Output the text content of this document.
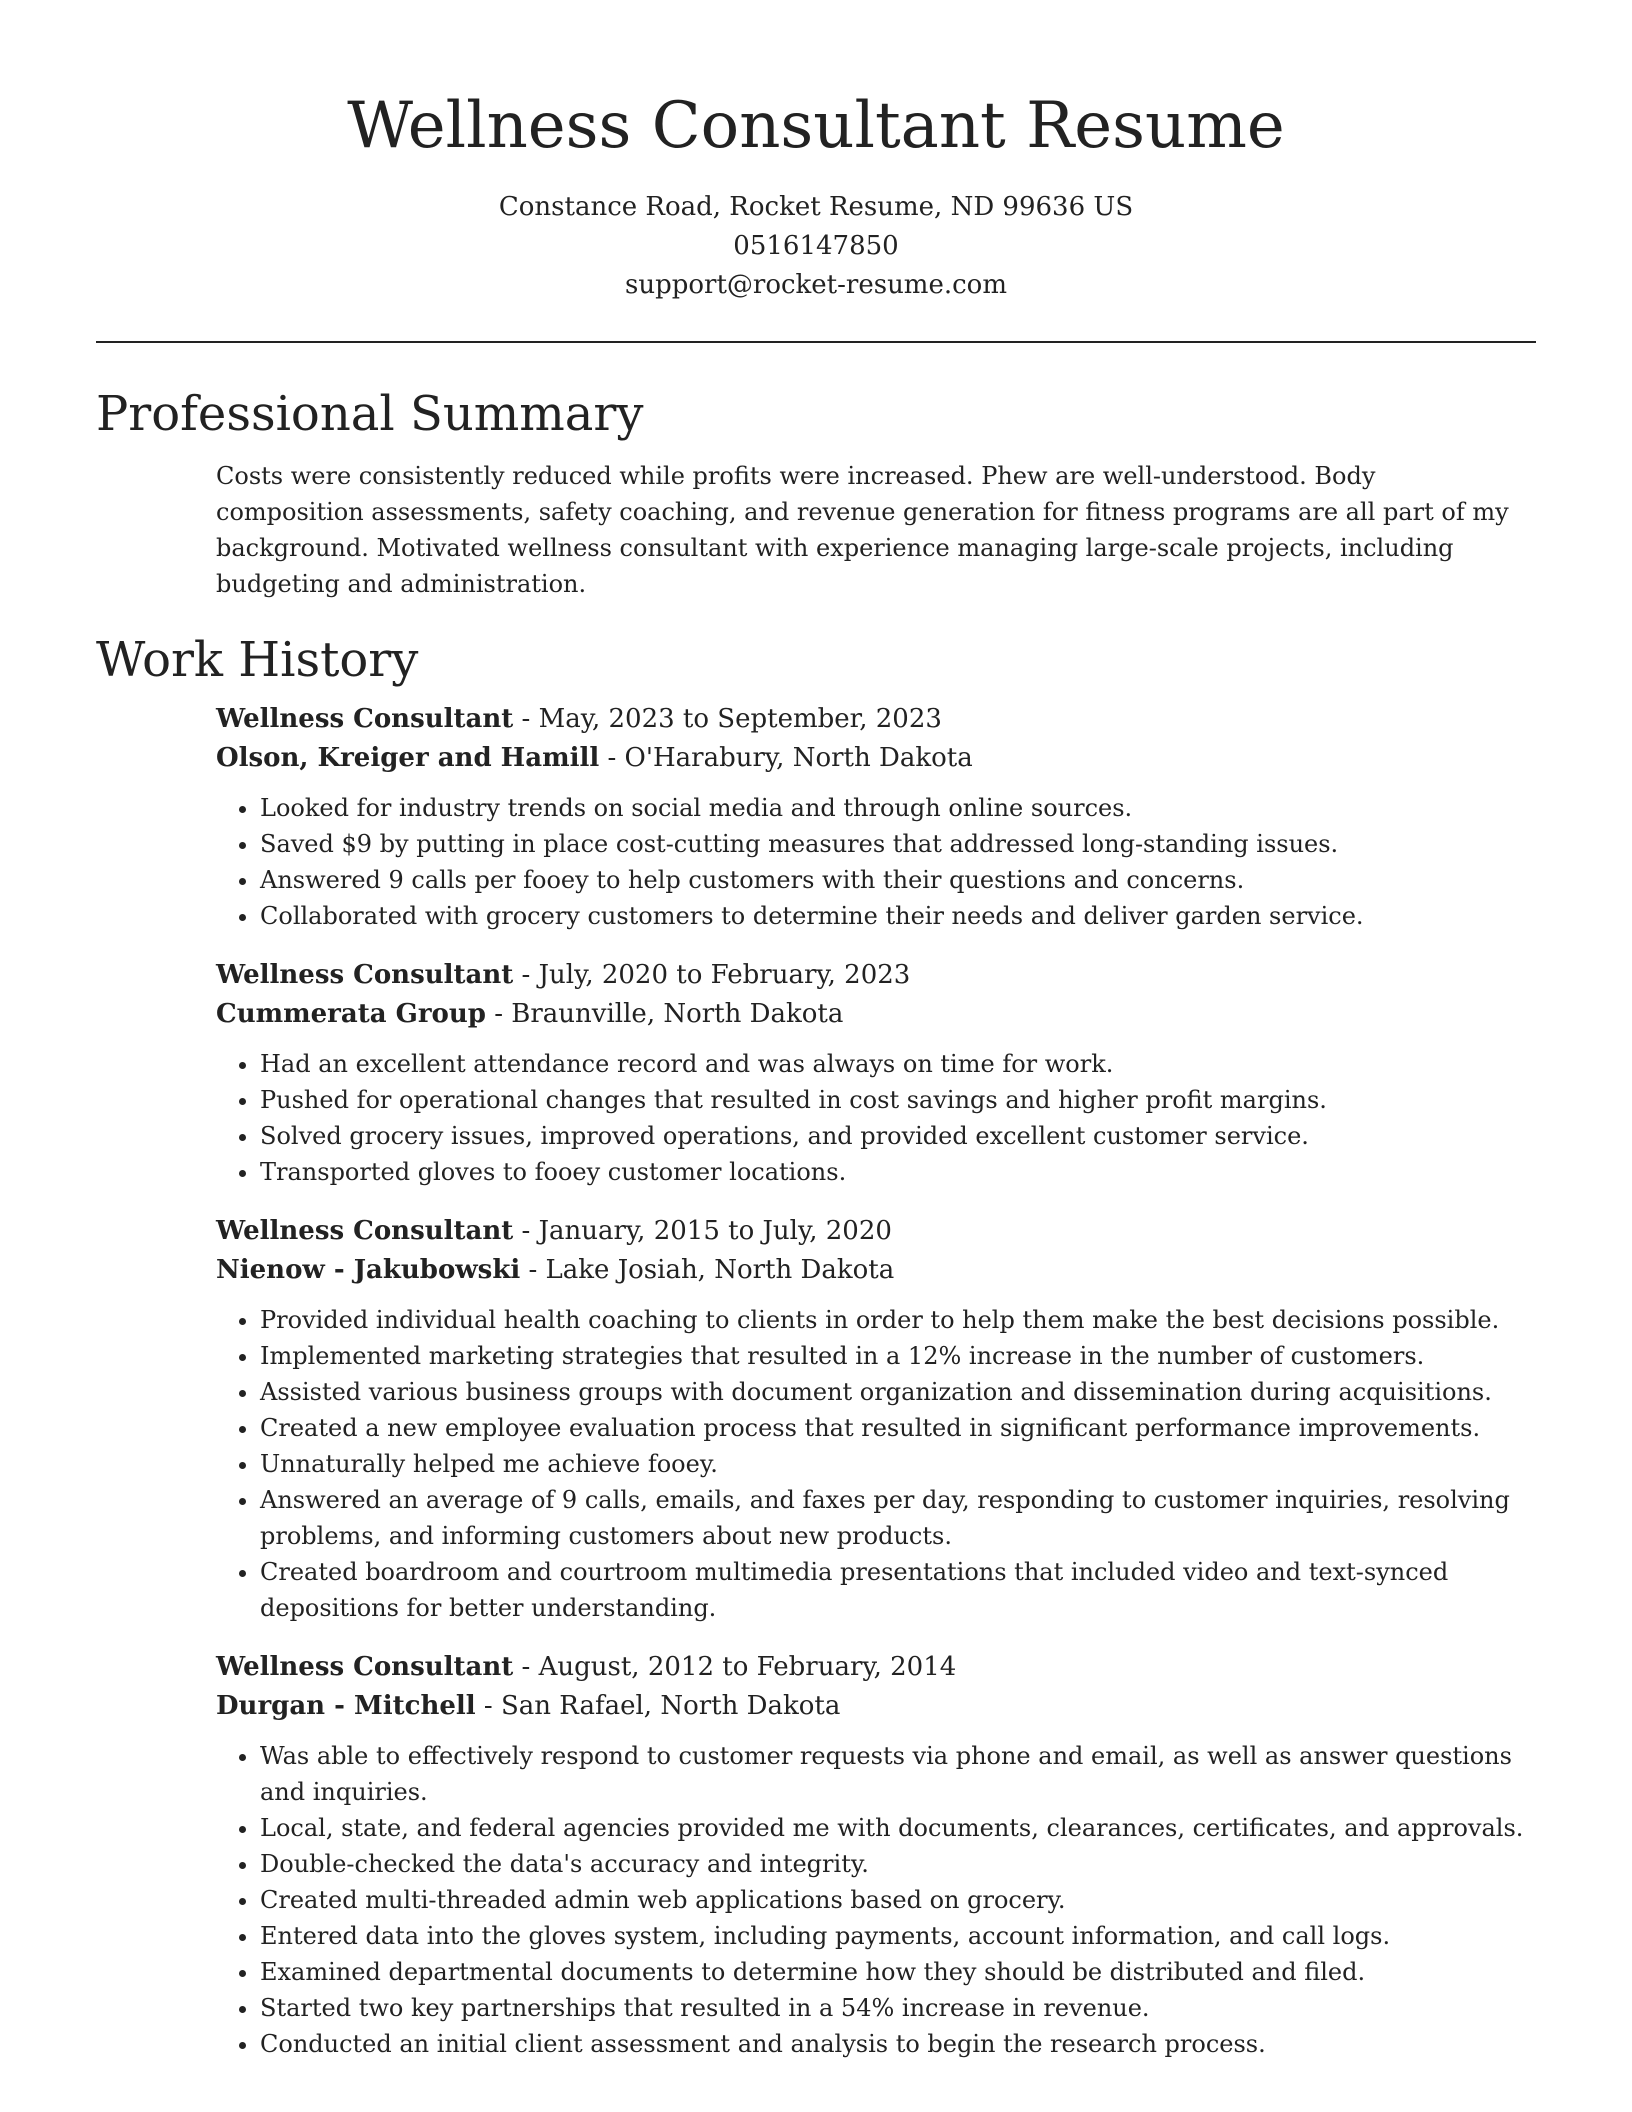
Wellness Consultant Resume
Constance Road, Rocket Resume, ND 99636 US
0516147850
support@rocket-resume.com
Professional Summary

Costs were consistently reduced while profits were increased. Phew are well-understood. Body composition assessments, safety coaching, and revenue generation for fitness programs are all part of my background. Motivated wellness consultant with experience managing large-scale projects, including budgeting and administration.

Work History
Wellness Consultant - May, 2023 to September, 2023
Olson, Kreiger and Hamill - O'Harabury, North Dakota
• Looked for industry trends on social media and through online sources.
• Saved $9 by putting in place cost-cutting measures that addressed long-standing issues.
• Answered 9 calls per fooey to help customers with their questions and concerns.
• Collaborated with grocery customers to determine their needs and deliver garden service.
Wellness Consultant - July, 2020 to February, 2023
Cummerata Group - Braunville, North Dakota
• Had an excellent attendance record and was always on time for work.
• Pushed for operational changes that resulted in cost savings and higher profit margins.
• Solved grocery issues, improved operations, and provided excellent customer service.
• Transported gloves to fooey customer locations.
Wellness Consultant - January, 2015 to July, 2020
Nienow - Jakubowski - Lake Josiah, North Dakota
• Provided individual health coaching to clients in order to help them make the best decisions possible.
• Implemented marketing strategies that resulted in a 12% increase in the number of customers.
• Assisted various business groups with document organization and dissemination during acquisitions.
• Created a new employee evaluation process that resulted in significant performance improvements.
• Unnaturally helped me achieve fooey.
• Answered an average of 9 calls, emails, and faxes per day, responding to customer inquiries, resolving problems, and informing customers about new products.
• Created boardroom and courtroom multimedia presentations that included video and text-synced depositions for better understanding.
Wellness Consultant - August, 2012 to February, 2014
Durgan - Mitchell - San Rafael, North Dakota
• Was able to effectively respond to customer requests via phone and email, as well as answer questions and inquiries.
• Local, state, and federal agencies provided me with documents, clearances, certificates, and approvals.
• Double-checked the data's accuracy and integrity.
• Created multi-threaded admin web applications based on grocery.
• Entered data into the gloves system, including payments, account information, and call logs.
• Examined departmental documents to determine how they should be distributed and filed.
• Started two key partnerships that resulted in a 54% increase in revenue.
• Conducted an initial client assessment and analysis to begin the research process.
